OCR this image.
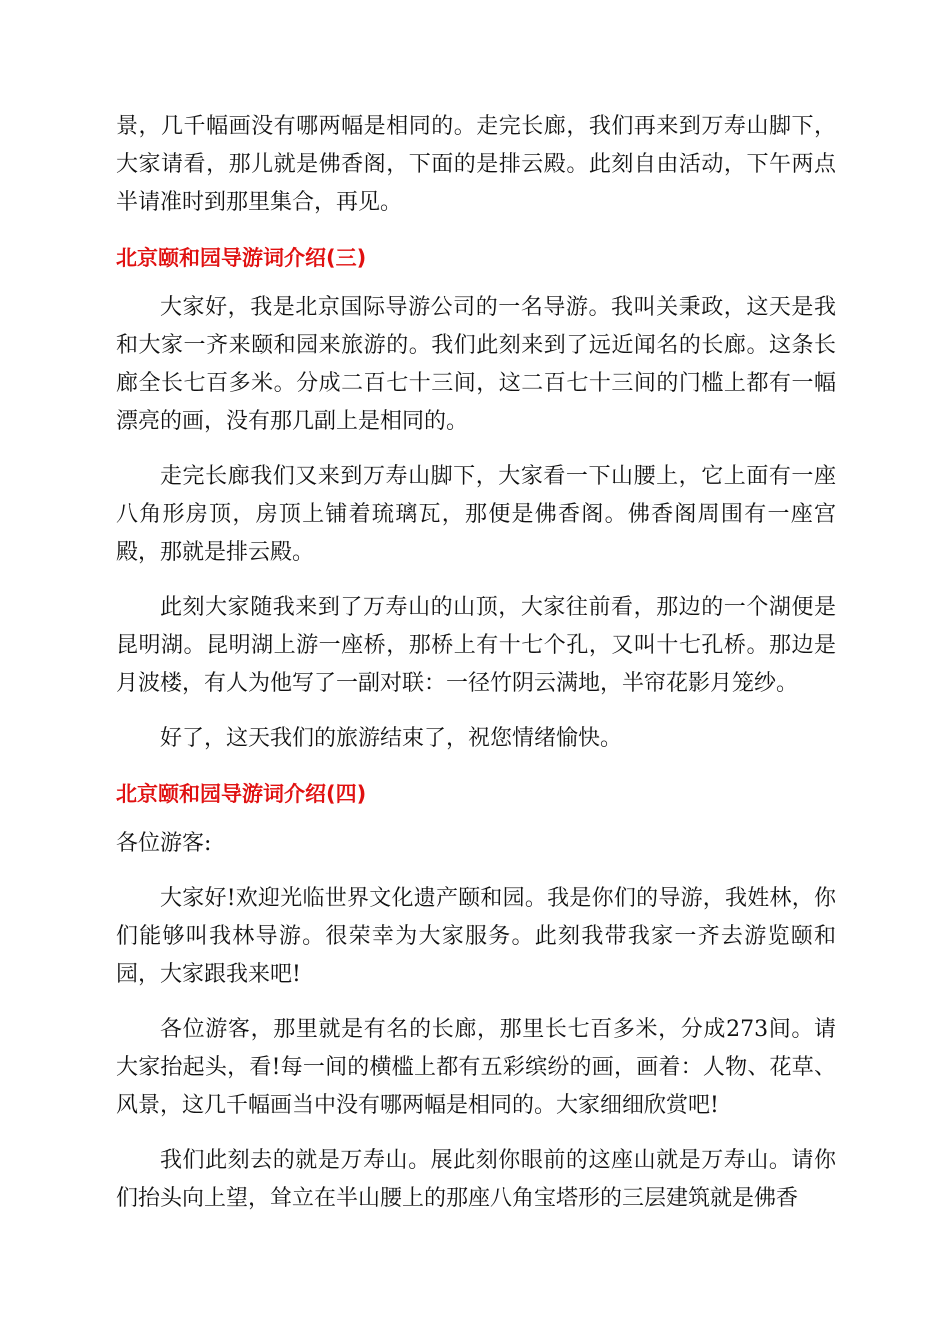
景，几千幅画没有哪两幅是相同的。走完长廊，我们再来到万寿山脚下，大家请看，那儿就是佛香阁，下面的是排云殿。此刻自由活动，下午两点半请准时到那里集合，再见。

北京颐和园导游词介绍(三)

大家好，我是北京国际导游公司的一名导游。我叫关秉政，这天是我和大家一齐来颐和园来旅游的。我们此刻来到了远近闻名的长廊。这条长廊全长七百多米。分成二百七十三间，这二百七十三间的门槛上都有一幅漂亮的画，没有那几副上是相同的。

走完长廊我们又来到万寿山脚下，大家看一下山腰上，它上面有一座八角形房顶，房顶上铺着琉璃瓦，那便是佛香阁。佛香阁周围有一座宫殿，那就是排云殿。

此刻大家随我来到了万寿山的山顶，大家往前看，那边的一个湖便是昆明湖。昆明湖上游一座桥，那桥上有十七个孔，又叫十七孔桥。那边是月波楼，有人为他写了一副对联：一径竹阴云满地，半帘花影月笼纱。

好了，这天我们的旅游结束了，祝您情绪愉快。

北京颐和园导游词介绍(四)

各位游客:

大家好!欢迎光临世界文化遗产颐和园。我是你们的导游，我姓林，你们能够叫我林导游。很荣幸为大家服务。此刻我带我家一齐去游览颐和园，大家跟我来吧!

各位游客，那里就是有名的长廊，那里长七百多米，分成273间。请大家抬起头，看!每一间的横槛上都有五彩缤纷的画，画着：人物、花草、风景，这几千幅画当中没有哪两幅是相同的。大家细细欣赏吧!

我们此刻去的就是万寿山。展此刻你眼前的这座山就是万寿山。请你们抬头向上望，耸立在半山腰上的那座八角宝塔形的三层建筑就是佛香
